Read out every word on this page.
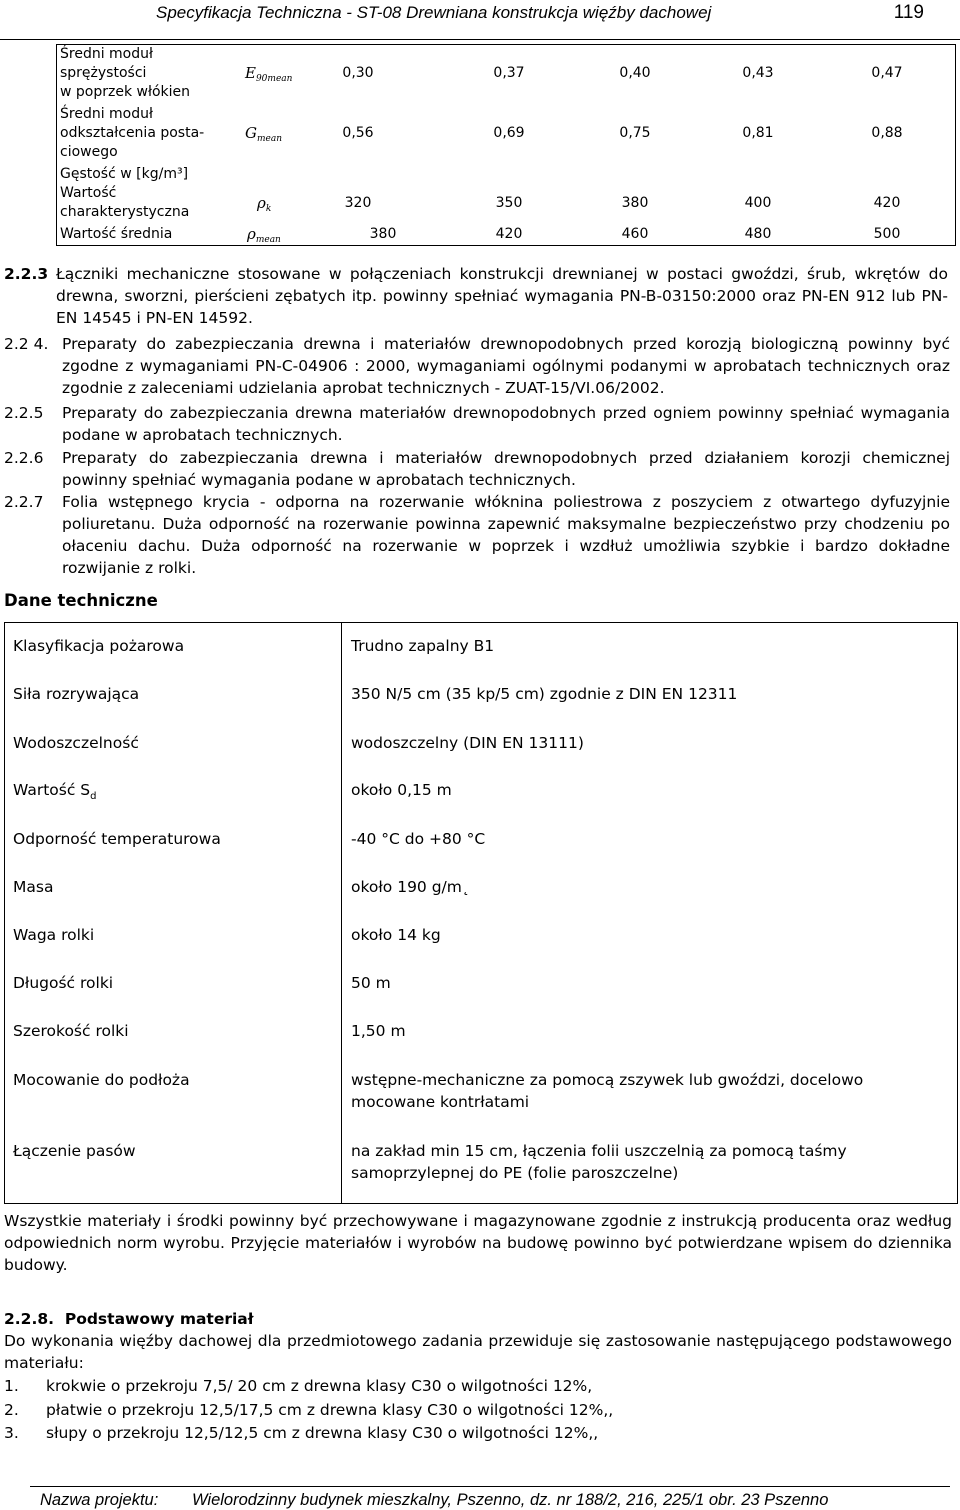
Specyfikacja Techniczna - ST-08 Drewniana konstrukcja więźby dachowej	119
Średni moduł
sprężystości
w poprzek włókien
$E_{90mean}$	0,30	0,37	0,40	0,43	0,47
Średni moduł
odkształcenia posta-
ciowego
$G_{mean}$	0,56	0,69	0,75	0,81	0,88
Gęstość w [kg/m³]
Wartość
charakterystyczna	$\rho_k$	320	350	380	400	420
Wartość średnia	$\rho_{mean}$	380	420	460	480	500
2.2.3 Łączniki mechaniczne stosowane w połączeniach konstrukcji drewnianej w postaci gwoździ, śrub, wkrętów do drewna, sworzni, pierścieni zębatych itp. powinny spełniać wymagania PN-B-03150:2000 oraz PN-EN 912 lub PN-EN 14545 i PN-EN 14592.
2.2 4. Preparaty do zabezpieczania drewna i materiałów drewnopodobnych przed korozją biologiczną powinny być zgodne z wymaganiami PN-C-04906 : 2000, wymaganiami ogólnymi podanymi w aprobatach technicznych oraz zgodnie z zaleceniami udzielania aprobat technicznych - ZUAT-15/VI.06/2002.
2.2.5 Preparaty do zabezpieczania drewna materiałów drewnopodobnych przed ogniem powinny spełniać wymagania podane w aprobatach technicznych.
2.2.6 Preparaty do zabezpieczania drewna i materiałów drewnopodobnych przed działaniem korozji chemicznej powinny spełniać wymagania podane w aprobatach technicznych.
2.2.7 Folia wstępnego krycia - odporna na rozerwanie włóknina poliestrowa z poszyciem z otwartego dyfuzyjnie poliuretanu. Duża odporność na rozerwanie powinna zapewnić maksymalne bezpieczeństwo przy chodzeniu po ołaceniu dachu. Duża odporność na rozerwanie w poprzek i wzdłuż umożliwia szybkie i bardzo dokładne rozwijanie z rolki.
Dane techniczne
Klasyfikacja pożarowa	Trudno zapalny B1
Siła rozrywająca	350 N/5 cm (35 kp/5 cm) zgodnie z DIN EN 12311
Wodoszczelność	wodoszczelny (DIN EN 13111)
Wartość $S_d$	około 0,15 m
Odporność temperaturowa	-40 °C do +80 °C
Masa	około 190 g/m˛
Waga rolki	około 14 kg
Długość rolki	50 m
Szerokość rolki	1,50 m
Mocowanie do podłoża	wstępne-mechaniczne za pomocą zszywek lub gwoździ, docelowo mocowane kontrłatami
Łączenie pasów	na zakład min 15 cm, łączenia folii uszczelnią za pomocą taśmy samoprzylepnej do PE (folie paroszczelne)
Wszystkie materiały i środki powinny być przechowywane i magazynowane zgodnie z instrukcją producenta oraz według odpowiednich norm wyrobu. Przyjęcie materiałów i wyrobów na budowę powinno być potwierdzane wpisem do dziennika budowy.
2.2.8. Podstawowy materiał
Do wykonania więźby dachowej dla przedmiotowego zadania przewiduje się zastosowanie następującego podstawowego materiału:
1. krokwie o przekroju 7,5/ 20 cm z drewna klasy C30 o wilgotności 12%,
2. płatwie o przekroju 12,5/17,5 cm z drewna klasy C30 o wilgotności 12%,,
3. słupy o przekroju 12,5/12,5 cm z drewna klasy C30 o wilgotności 12%,,
Nazwa projektu: Wielorodzinny budynek mieszkalny, Pszenno, dz. nr 188/2, 216, 225/1 obr. 23 Pszenno
